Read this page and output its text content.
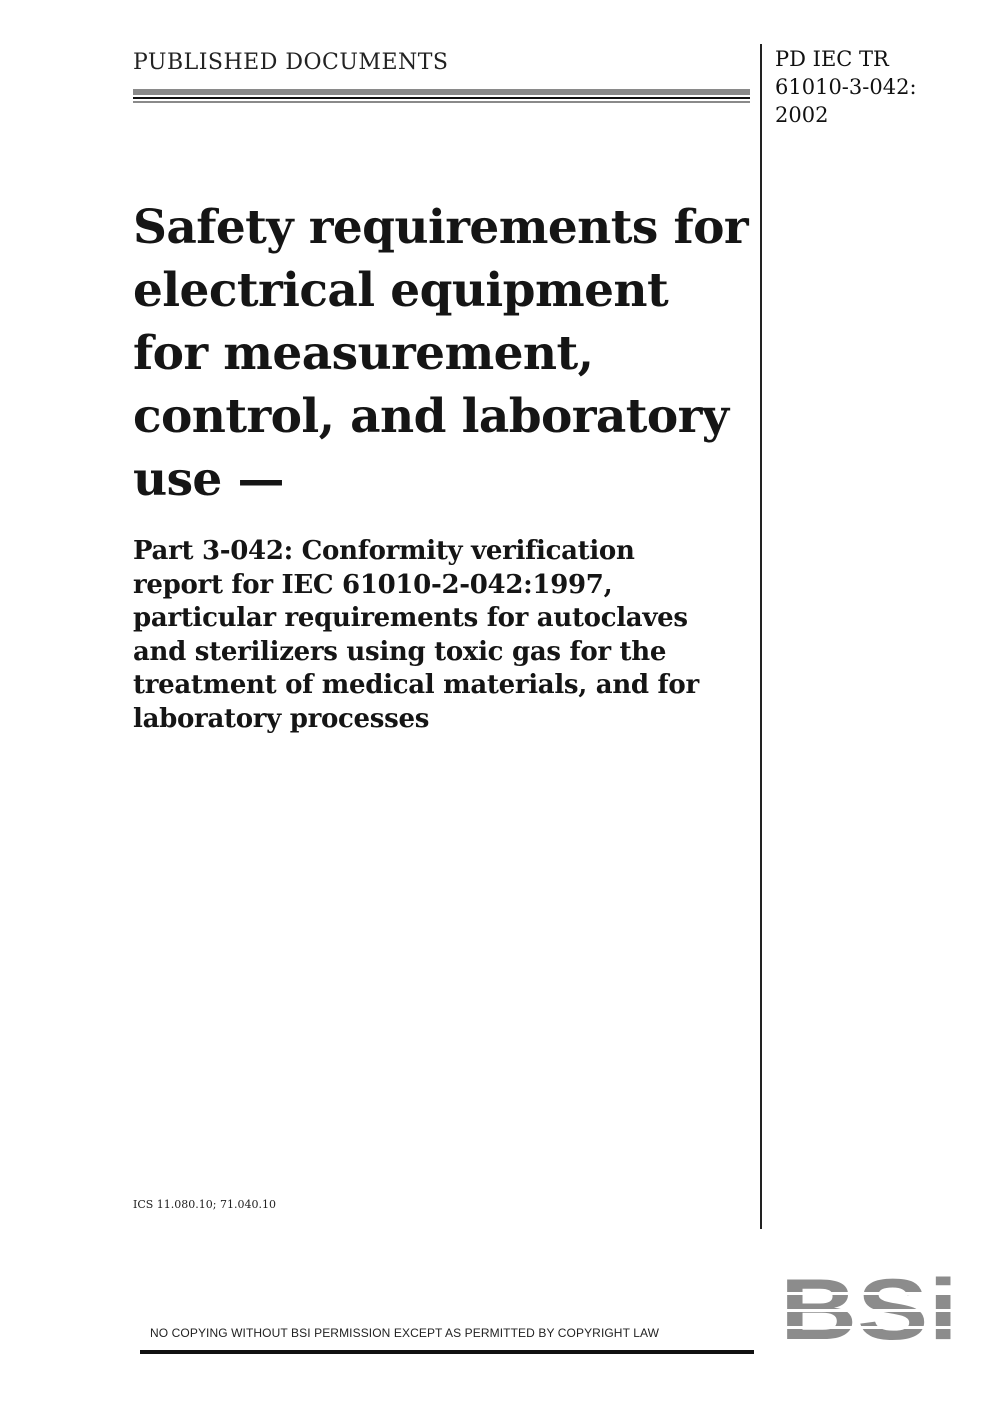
PUBLISHED DOCUMENTS	PD IEC TR
61010-3-042:
2002
Safety requirements for
electrical equipment
for measurement,
control, and laboratory
use —
Part 3-042: Conformity verification
report for IEC 61010-2-042:1997,
particular requirements for autoclaves
and sterilizers using toxic gas for the
treatment of medical materials, and for
laboratory processes
ICS 11.080.10; 71.040.10
NO COPYING WITHOUT BSI PERMISSION EXCEPT AS PERMITTED BY COPYRIGHT LAW
